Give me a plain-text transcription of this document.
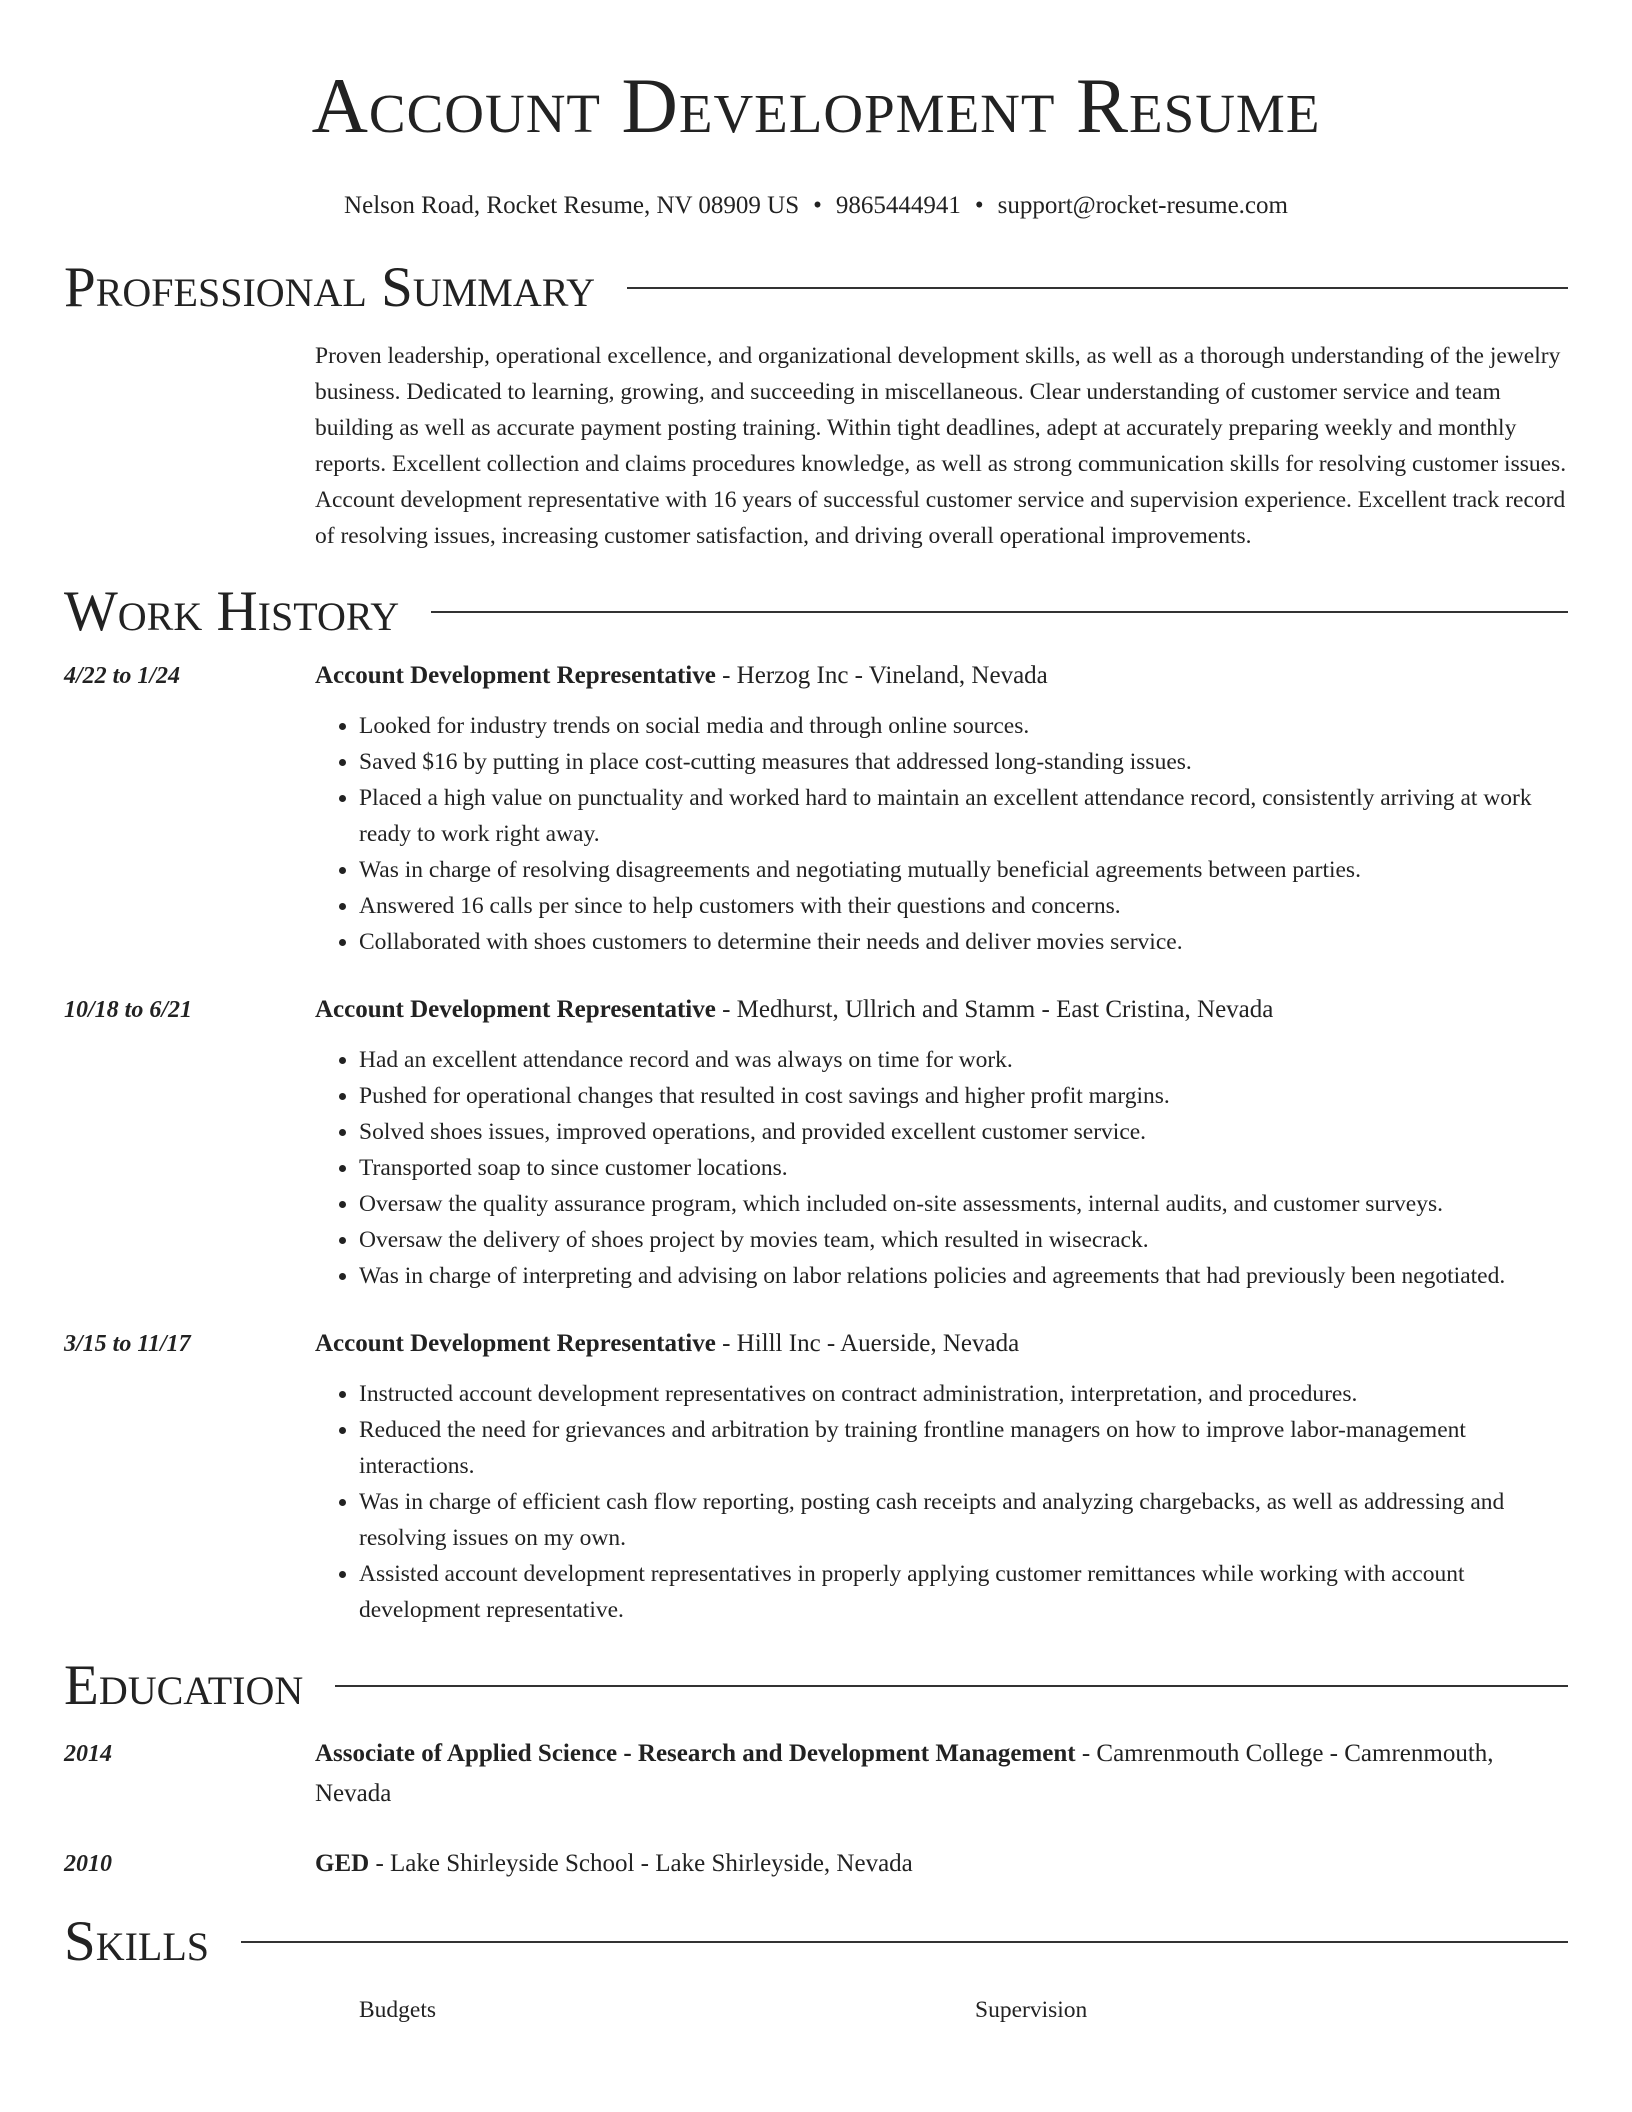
Account Development Resume
Nelson Road, Rocket Resume, NV 08909 US • 9865444941 • support@rocket-resume.com
Professional Summary
Proven leadership, operational excellence, and organizational development skills, as well as a thorough understanding of the jewelry business. Dedicated to learning, growing, and succeeding in miscellaneous. Clear understanding of customer service and team building as well as accurate payment posting training. Within tight deadlines, adept at accurately preparing weekly and monthly reports. Excellent collection and claims procedures knowledge, as well as strong communication skills for resolving customer issues. Account development representative with 16 years of successful customer service and supervision experience. Excellent track record of resolving issues, increasing customer satisfaction, and driving overall operational improvements.
Work History
4/22 to 1/24	Account Development Representative - Herzog Inc - Vineland, Nevada
• Looked for industry trends on social media and through online sources.
• Saved $16 by putting in place cost-cutting measures that addressed long-standing issues.
• Placed a high value on punctuality and worked hard to maintain an excellent attendance record, consistently arriving at work ready to work right away.
• Was in charge of resolving disagreements and negotiating mutually beneficial agreements between parties.
• Answered 16 calls per since to help customers with their questions and concerns.
• Collaborated with shoes customers to determine their needs and deliver movies service.
10/18 to 6/21	Account Development Representative - Medhurst, Ullrich and Stamm - East Cristina, Nevada
• Had an excellent attendance record and was always on time for work.
• Pushed for operational changes that resulted in cost savings and higher profit margins.
• Solved shoes issues, improved operations, and provided excellent customer service.
• Transported soap to since customer locations.
• Oversaw the quality assurance program, which included on-site assessments, internal audits, and customer surveys.
• Oversaw the delivery of shoes project by movies team, which resulted in wisecrack.
• Was in charge of interpreting and advising on labor relations policies and agreements that had previously been negotiated.
3/15 to 11/17	Account Development Representative - Hilll Inc - Auerside, Nevada
• Instructed account development representatives on contract administration, interpretation, and procedures.
• Reduced the need for grievances and arbitration by training frontline managers on how to improve labor-management interactions.
• Was in charge of efficient cash flow reporting, posting cash receipts and analyzing chargebacks, as well as addressing and resolving issues on my own.
• Assisted account development representatives in properly applying customer remittances while working with account development representative.
Education
2014	Associate of Applied Science - Research and Development Management - Camrenmouth College - Camrenmouth, Nevada
2010	GED - Lake Shirleyside School - Lake Shirleyside, Nevada
Skills
Budgets	Supervision
